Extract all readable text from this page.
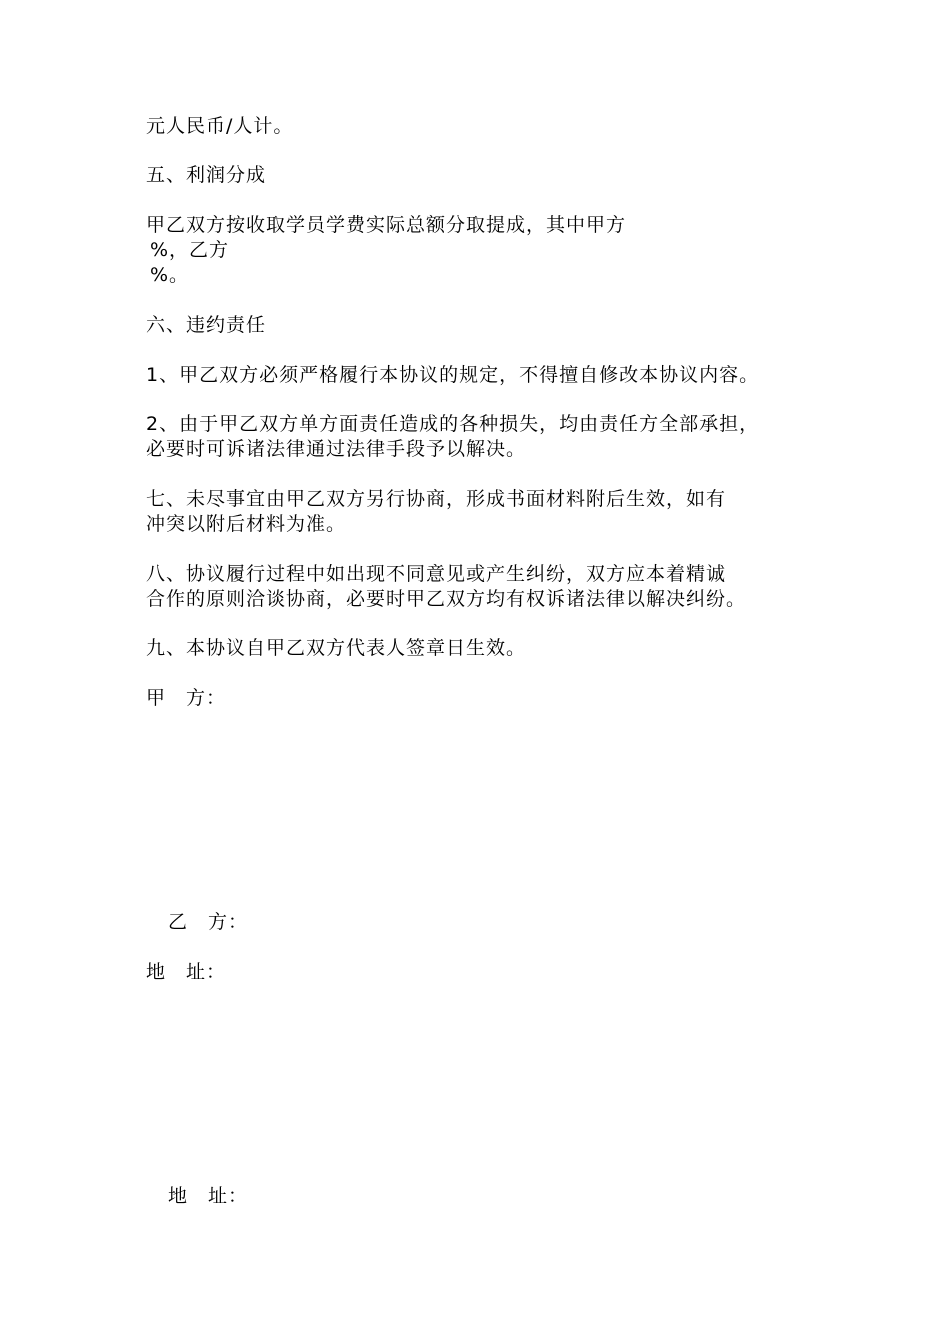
元人民币/人计。
五、利润分成
甲乙双方按收取学员学费实际总额分取提成，其中甲方
%，乙方
%。
六、违约责任
1、甲乙双方必须严格履行本协议的规定，不得擅自修改本协议内容。
2、由于甲乙双方单方面责任造成的各种损失，均由责任方全部承担，
必要时可诉诸法律通过法律手段予以解决。
七、未尽事宜由甲乙双方另行协商，形成书面材料附后生效，如有
冲突以附后材料为准。
八、协议履行过程中如出现不同意见或产生纠纷，双方应本着精诚
合作的原则洽谈协商，必要时甲乙双方均有权诉诸法律以解决纠纷。
九、本协议自甲乙双方代表人签章日生效。
甲　方：
乙　方：
地　址：
地　址：
